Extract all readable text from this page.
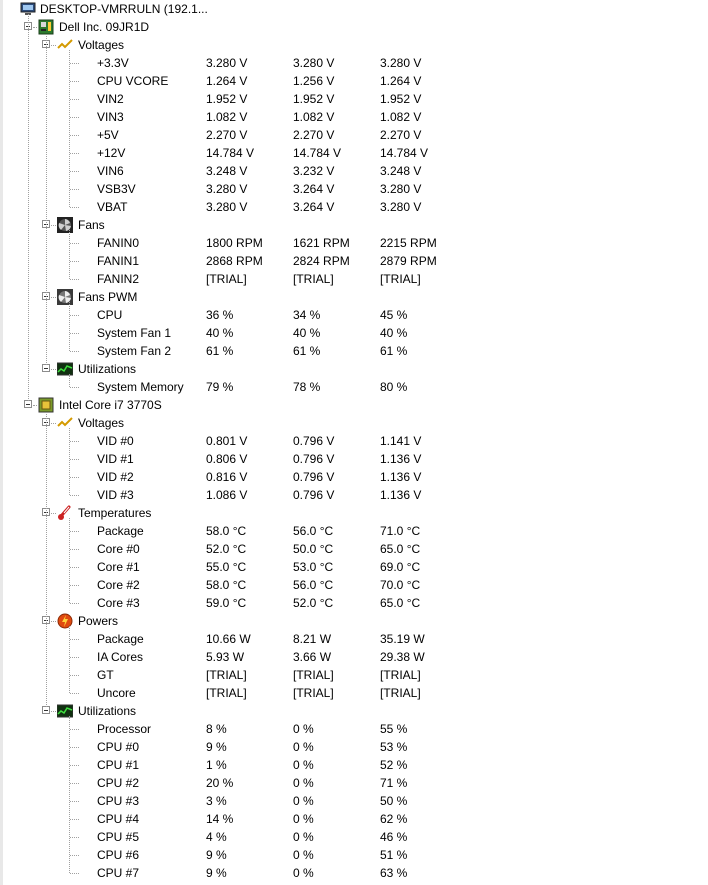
DESKTOP-VMRRULN (192.1...
Dell Inc. 09JR1D
Voltages
+3.3V	3.280 V	3.280 V	3.280 V
CPU VCORE	1.264 V	1.256 V	1.264 V
VIN2	1.952 V	1.952 V	1.952 V
VIN3	1.082 V	1.082 V	1.082 V
+5V	2.270 V	2.270 V	2.270 V
+12V	14.784 V	14.784 V	14.784 V
VIN6	3.248 V	3.232 V	3.248 V
VSB3V	3.280 V	3.264 V	3.280 V
VBAT	3.280 V	3.264 V	3.280 V
Fans
FANIN0	1800 RPM	1621 RPM	2215 RPM
FANIN1	2868 RPM	2824 RPM	2879 RPM
FANIN2	[TRIAL]	[TRIAL]	[TRIAL]
Fans PWM
CPU	36 %	34 %	45 %
System Fan 1	40 %	40 %	40 %
System Fan 2	61 %	61 %	61 %
Utilizations
System Memory 79 %	78 %	80 %
Intel Core i7 3770S
Voltages
VID #0	0.801 V	0.796 V	1.141 V
VID #1	0.806 V	0.796 V	1.136 V
VID #2	0.816 V	0.796 V	1.136 V
VID #3	1.086 V	0.796 V	1.136 V
Temperatures
Package	58.0 °C	56.0 °C	71.0 °C
Core #0	52.0 °C	50.0 °C	65.0 °C
Core #1	55.0 °C	53.0 °C	69.0 °C
Core #2	58.0 °C	56.0 °C	70.0 °C
Core #3	59.0 °C	52.0 °C	65.0 °C
Powers
Package	10.66 W	8.21 W	35.19 W
IA Cores	5.93 W	3.66 W	29.38 W
GT	[TRIAL]	[TRIAL]	[TRIAL]
Uncore	[TRIAL]	[TRIAL]	[TRIAL]
Utilizations
Processor	8 %	0 %	55 %
CPU #0	9 %	0 %	53 %
CPU #1	1 %	0 %	52 %
CPU #2	20 %	0 %	71 %
CPU #3	3 %	0 %	50 %
CPU #4	14 %	0 %	62 %
CPU #5	4 %	0 %	46 %
CPU #6	9 %	0 %	51 %
CPU #7	9 %	0 %	63 %
